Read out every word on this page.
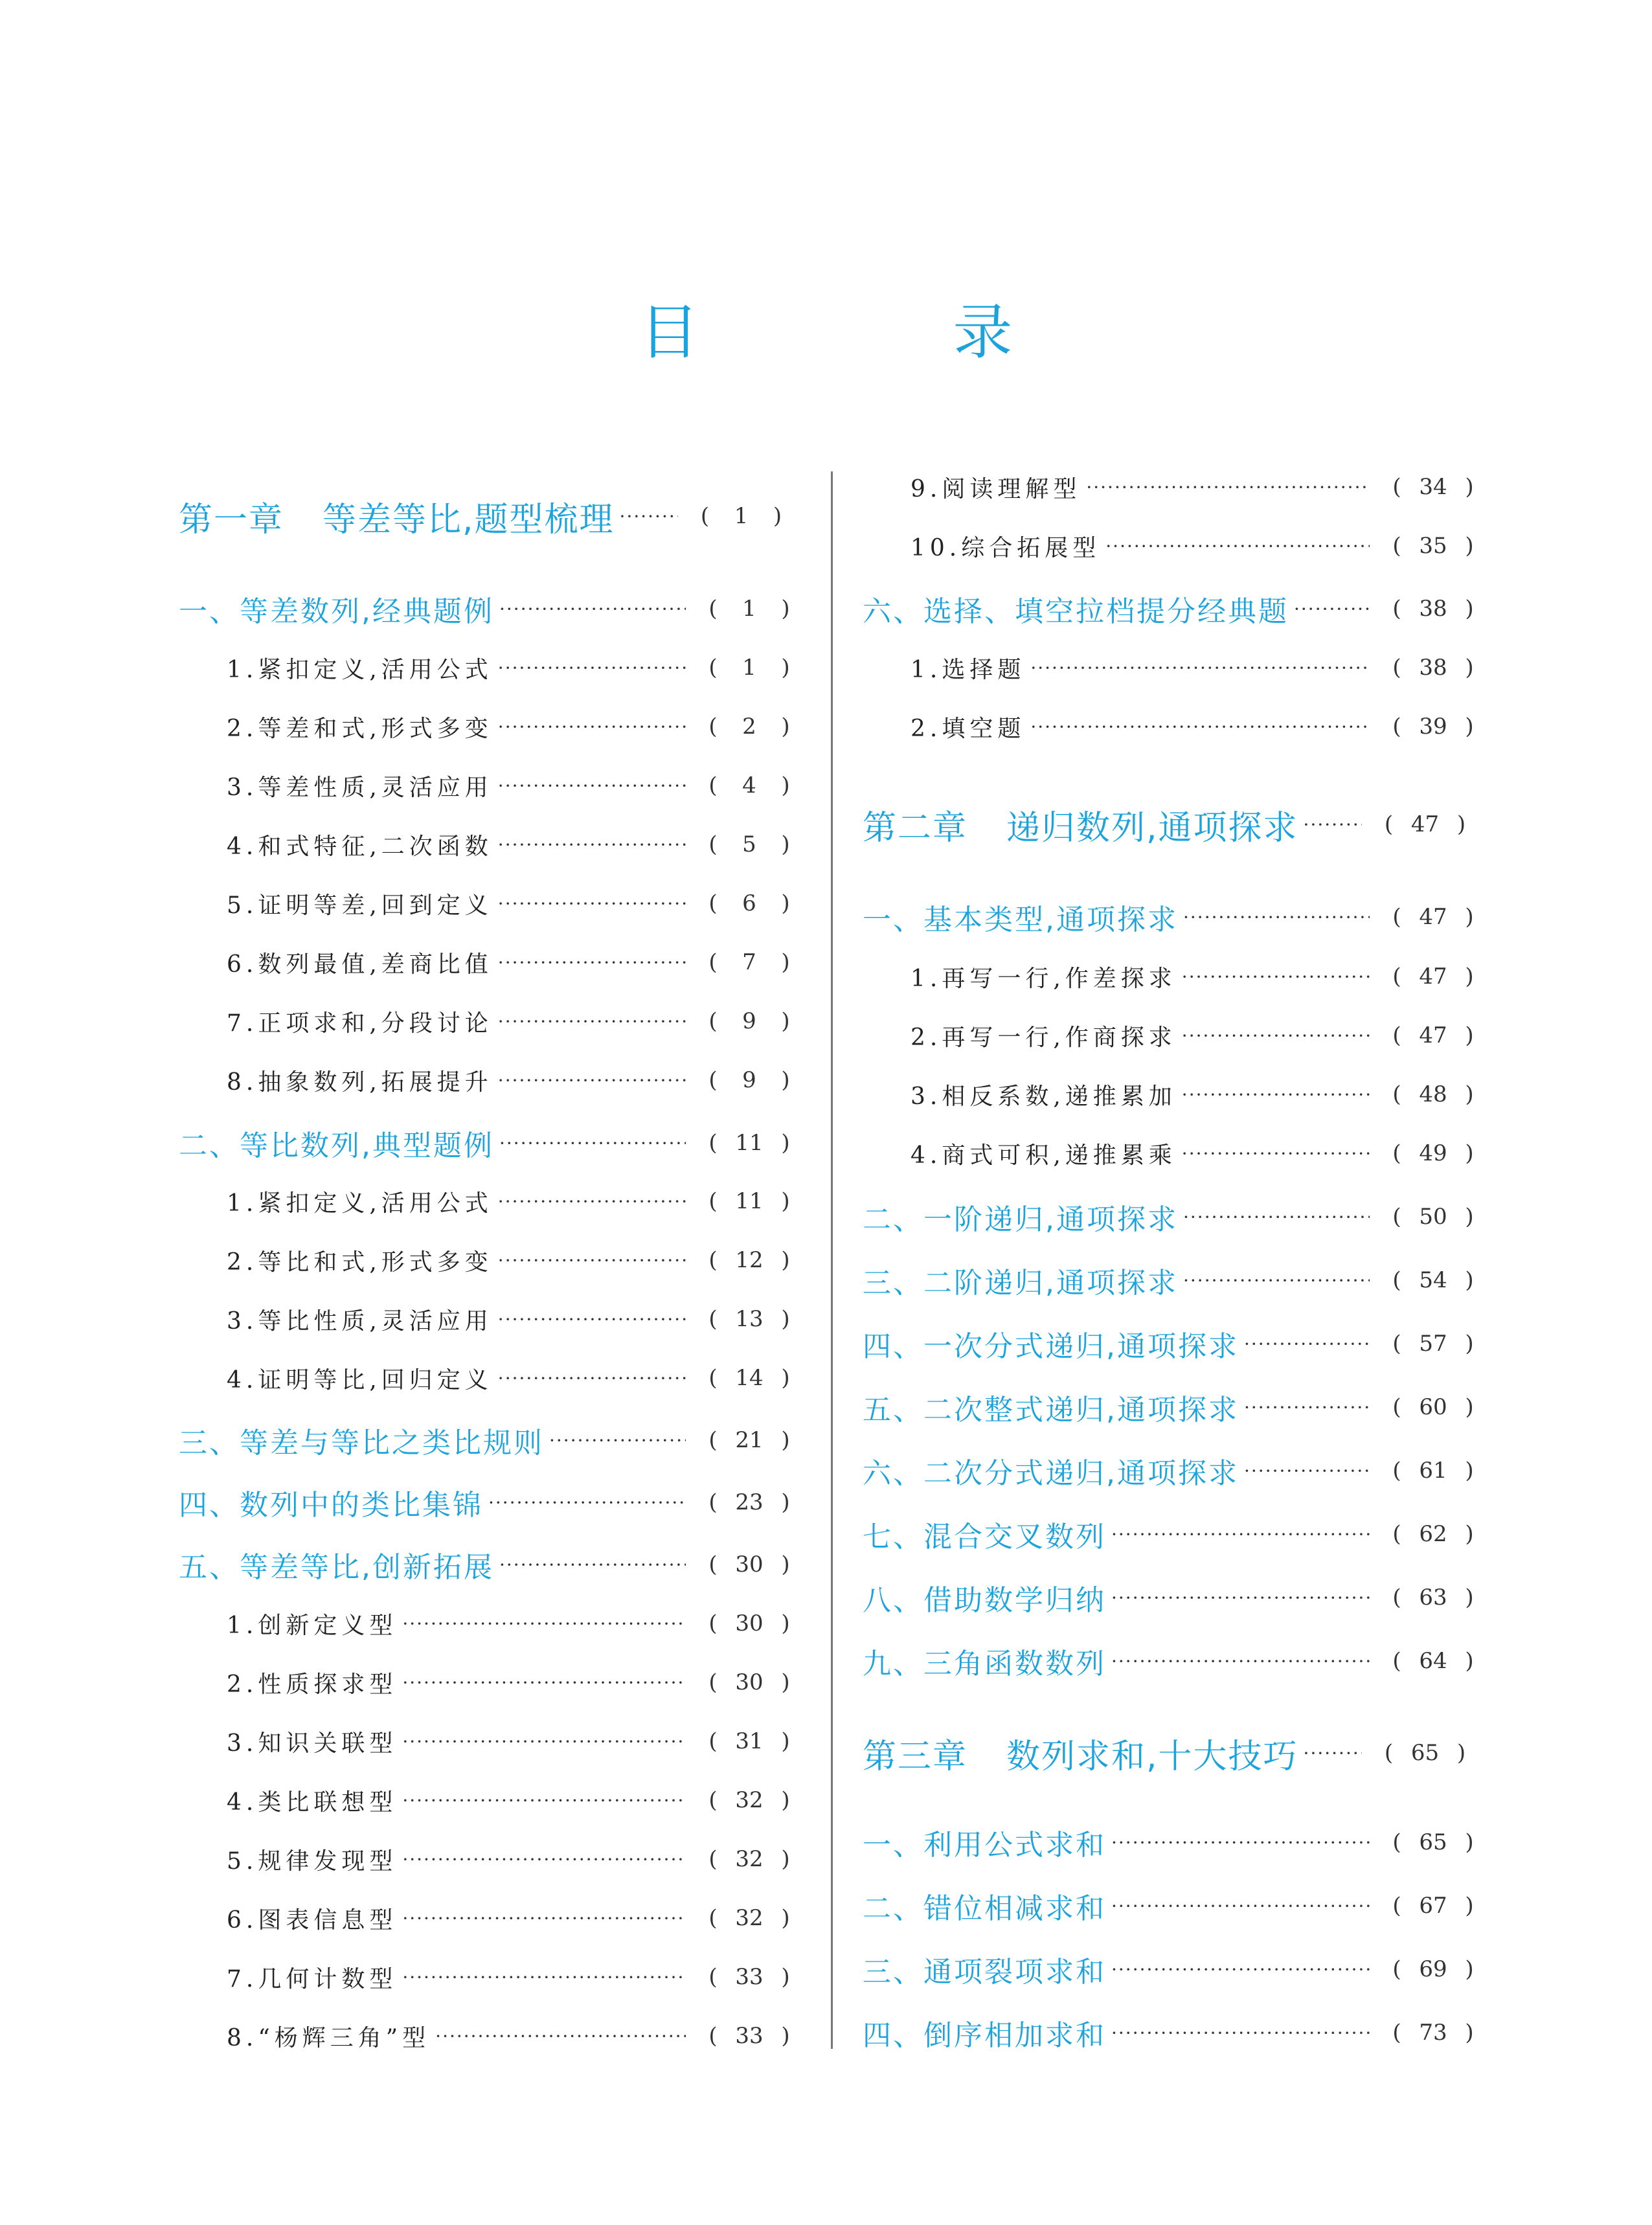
目　录
第一章 等差等比,题型梳理 ·····	( 1 )
一、等差数列,经典题例 ·····	( 1 )
1.紧扣定义,活用公式 ·····	( 1 )
2.等差和式,形式多变 ·····	( 2 )
3.等差性质,灵活应用 ·····	( 4 )
4.和式特征,二次函数 ·····	( 5 )
5.证明等差,回到定义 ·····	( 6 )
6.数列最值,差商比值 ·····	( 7 )
7.正项求和,分段讨论 ·····	( 9 )
8.抽象数列,拓展提升 ·····	( 9 )
二、等比数列,典型题例 ·····	( 11 )
1.紧扣定义,活用公式 ·····	( 11 )
2.等比和式,形式多变 ·····	( 12 )
3.等比性质,灵活应用 ·····	( 13 )
4.证明等比,回归定义 ·····	( 14 )
三、等差与等比之类比规则 ·····	( 21 )
四、数列中的类比集锦 ·····	( 23 )
五、等差等比,创新拓展 ·····	( 30 )
1.创新定义型 ·····	( 30 )
2.性质探求型 ·····	( 30 )
3.知识关联型 ·····	( 31 )
4.类比联想型 ·····	( 32 )
5.规律发现型 ·····	( 32 )
6.图表信息型 ·····	( 32 )
7.几何计数型 ·····	( 33 )
8.“杨辉三角”型 ·····	( 33 )
9.阅读理解型 ·····	( 34 )
10.综合拓展型 ·····	( 35 )
六、选择、填空拉档提分经典题 ·····	( 38 )
1.选择题 ·····	( 38 )
2.填空题 ·····	( 39 )
第二章 递归数列,通项探求 ·····	( 47 )
一、基本类型,通项探求 ·····	( 47 )
1.再写一行,作差探求 ·····	( 47 )
2.再写一行,作商探求 ·····	( 47 )
3.相反系数,递推累加 ·····	( 48 )
4.商式可积,递推累乘 ·····	( 49 )
二、一阶递归,通项探求 ·····	( 50 )
三、二阶递归,通项探求 ·····	( 54 )
四、一次分式递归,通项探求 ·····	( 57 )
五、二次整式递归,通项探求 ·····	( 60 )
六、二次分式递归,通项探求 ·····	( 61 )
七、混合交叉数列 ·····	( 62 )
八、借助数学归纳 ·····	( 63 )
九、三角函数数列 ·····	( 64 )
第三章 数列求和,十大技巧 ·····	( 65 )
一、利用公式求和 ·····	( 65 )
二、错位相减求和 ·····	( 67 )
三、通项裂项求和 ·····	( 69 )
四、倒序相加求和 ·····	( 73 )
